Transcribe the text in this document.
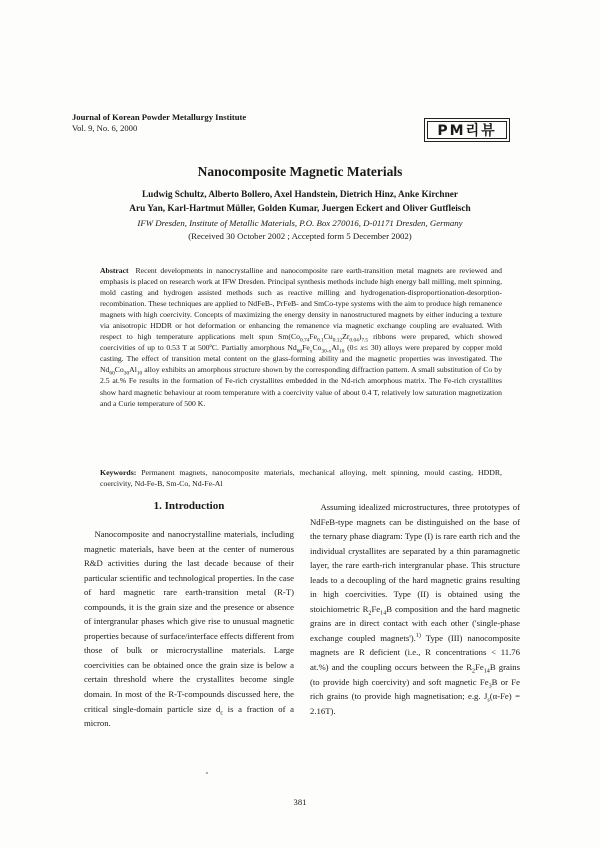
Journal of Korean Powder Metallurgy Institute
Vol. 9, No. 6, 2000	PM리뷰
Nanocomposite Magnetic Materials
Ludwig Schultz, Alberto Bollero, Axel Handstein, Dietrich Hinz, Anke Kirchner
Aru Yan, Karl-Hartmut Müller, Golden Kumar, Juergen Eckert and Oliver Gutfleisch
IFW Dresden, Institute of Metallic Materials, P.O. Box 270016, D-01171 Dresden, Germany
(Received 30 October 2002 ; Accepted form 5 December 2002)
Abstract Recent developments in nanocrystalline and nanocomposite rare earth-transition metal magnets are reviewed and emphasis is placed on research work at IFW Dresden. Principal synthesis methods include high energy ball milling, melt spinning, mold casting and hydrogen assisted methods such as reactive milling and hydrogenation-disproportionation-desorption-recombination. These techniques are applied to NdFeB-, PrFeB- and SmCo-type systems with the aim to produce high remanence magnets with high coercivity. Concepts of maximizing the energy density in nanostructured magnets by either inducing a texture via anisotropic HDDR or hot deformation or enhancing the remanence via magnetic exchange coupling are evaluated. With respect to high temperature applications melt spun $Sm(Co_{0.74}Fe_{0.1}Cu_{0.12}Zr_{0.04})_{7.5}$ ribbons were prepared, which showed coercivities of up to 0.53 T at 500ºC. Partially amorphous $Nd_{60}Fe_xCo_{30-x}Al_{10}$ (0≤ x≤ 30) alloys were prepared by copper mold casting. The effect of transition metal content on the glass-forming ability and the magnetic properties was investigated. The $Nd_{60}Co_{30}Al_{10}$ alloy exhibits an amorphous structure shown by the corresponding diffraction pattern. A small substitution of Co by 2.5 at.% Fe results in the formation of Fe-rich crystallites embedded in the Nd-rich amorphous matrix. The Fe-rich crystallites show hard magnetic behaviour at room temperature with a coercivity value of about 0.4 T, relatively low saturation magnetization and a Curie temperature of 500 K.
Keywords: Permanent magnets, nanocomposite materials, mechanical alloying, melt spinning, mould casting, HDDR, coercivity, Nd-Fe-B, Sm-Co, Nd-Fe-Al
1. Introduction

Nanocomposite and nanocrystalline materials, including magnetic materials, have been at the center of numerous R&D activities during the last decade because of their particular scientific and technological properties. In the case of hard magnetic rare earth-transition metal (R-T) compounds, it is the grain size and the presence or absence of intergranular phases which give rise to unusual magnetic properties because of surface/interface effects different from those of bulk or microcrystalline materials. Large coercivities can be obtained once the grain size is below a certain threshold where the crystallites become single domain. In most of the R-T-compounds discussed here, the critical single-domain particle size $d_c$ is a fraction of a micron.

Assuming idealized microstructures, three prototypes of NdFeB-type magnets can be distinguished on the base of the ternary phase diagram: Type (I) is rare earth rich and the individual crystallites are separated by a thin paramagnetic layer, the rare earth-rich intergranular phase. This structure leads to a decoupling of the hard magnetic grains resulting in high coercivities. Type (II) is obtained using the stoichiometric $R_2Fe_{14}B$ composition and the hard magnetic grains are in direct contact with each other ('single-phase exchange coupled magnets').$^{1)}$ Type (III) nanocomposite magnets are R deficient (i.e., R concentrations < 11.76 at.%) and the coupling occurs between the $R_2Fe_{14}B$ grains (to provide high coercivity) and soft magnetic $Fe_3B$ or Fe rich grains (to provide high magnetisation; e.g. $J_s(\alpha-Fe) = 2.16T$).

381
